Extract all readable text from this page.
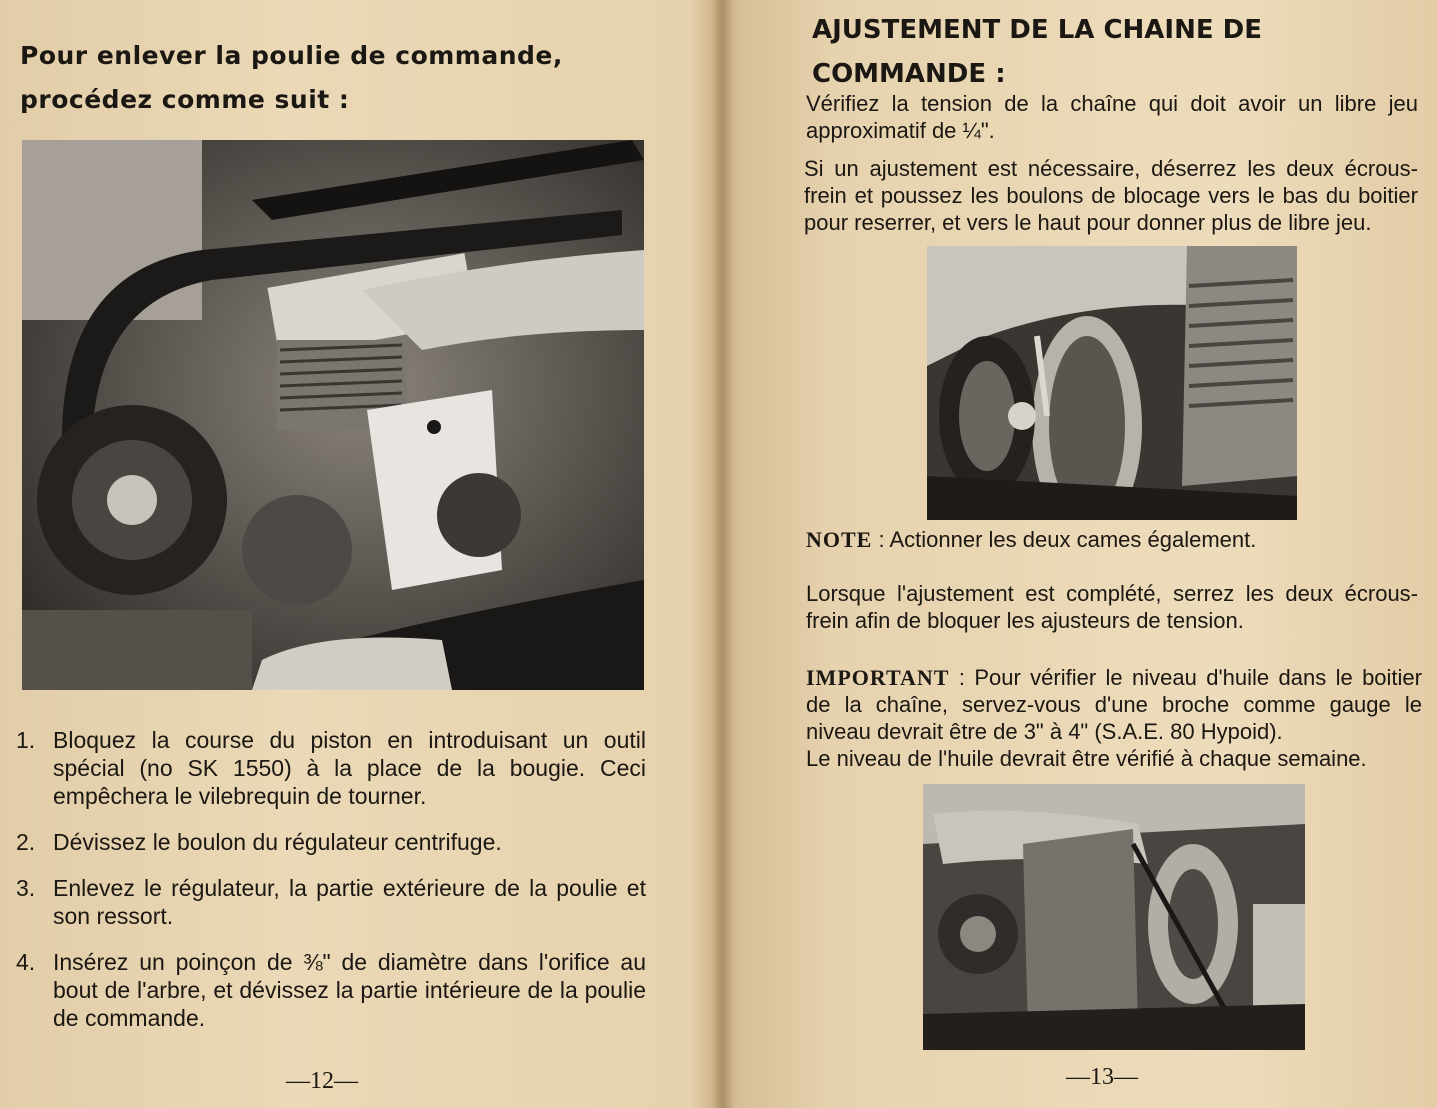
Pour enlever la poulie de commande, procédez comme suit :
1. Bloquez la course du piston en introduisant un outil spécial (no SK 1550) à la place de la bougie. Ceci empêchera le vilebrequin de tourner.
2. Dévissez le boulon du régulateur centrifuge.
3. Enlevez le régulateur, la partie extérieure de la poulie et son ressort.
4. Insérez un poinçon de ⅜" de diamètre dans l'orifice au bout de l'arbre, et dévissez la partie intérieure de la poulie de commande.
—12—
AJUSTEMENT DE LA CHAINE DE COMMANDE :
Vérifiez la tension de la chaîne qui doit avoir un libre jeu approximatif de ¼".
Si un ajustement est nécessaire, déserrez les deux écrous-frein et poussez les boulons de blocage vers le bas du boitier pour reserrer, et vers le haut pour donner plus de libre jeu.
NOTE : Actionner les deux cames également.
Lorsque l'ajustement est complété, serrez les deux écrous-frein afin de bloquer les ajusteurs de tension.
IMPORTANT : Pour vérifier le niveau d'huile dans le boitier de la chaîne, servez-vous d'une broche comme gauge le niveau devrait être de 3" à 4" (S.A.E. 80 Hypoid).
Le niveau de l'huile devrait être vérifié à chaque semaine.
—13—
